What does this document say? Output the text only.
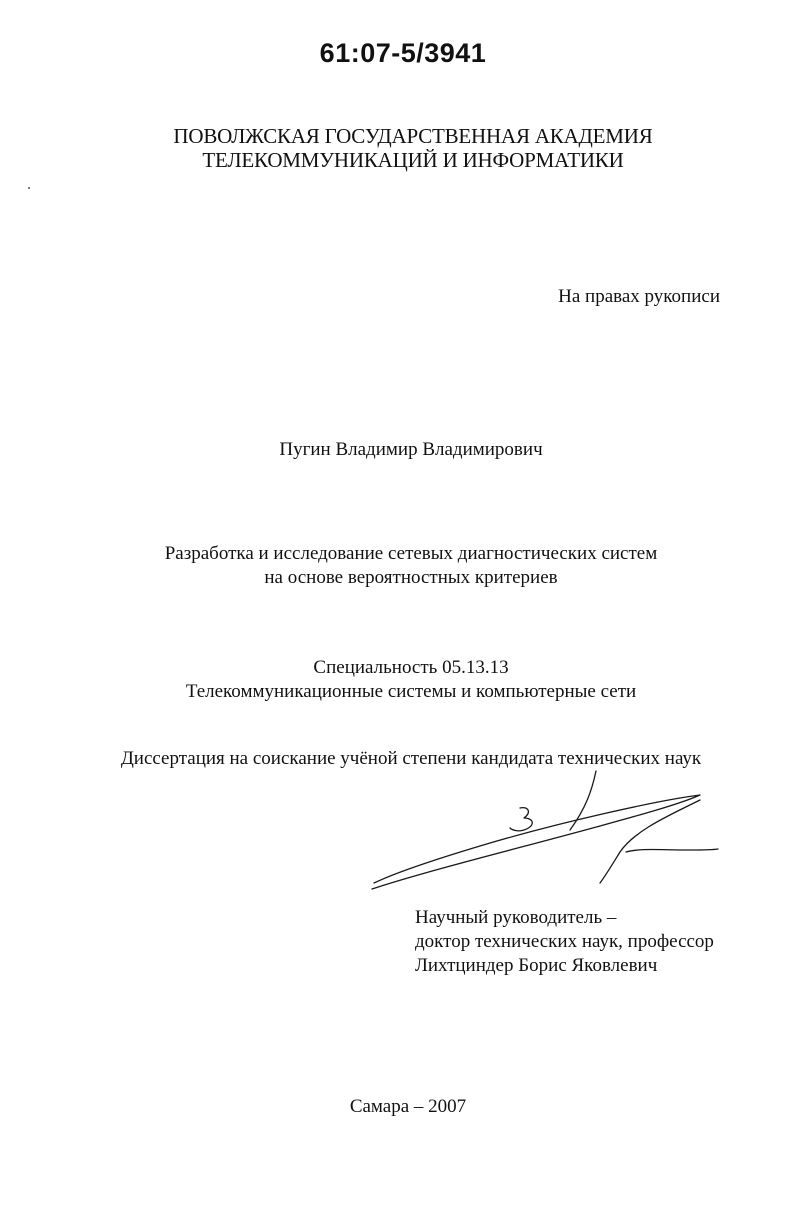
61:07-5/3941
ПОВОЛЖСКАЯ ГОСУДАРСТВЕННАЯ АКАДЕМИЯ
ТЕЛЕКОММУНИКАЦИЙ И ИНФОРМАТИКИ
На правах рукописи
Пугин Владимир Владимирович
Разработка и исследование сетевых диагностических систем
на основе вероятностных критериев
Специальность 05.13.13
Телекоммуникационные системы и компьютерные сети
Диссертация на соискание учёной степени кандидата технических наук
Научный руководитель –
доктор технических наук, профессор
Лихтциндер Борис Яковлевич
Самара – 2007
